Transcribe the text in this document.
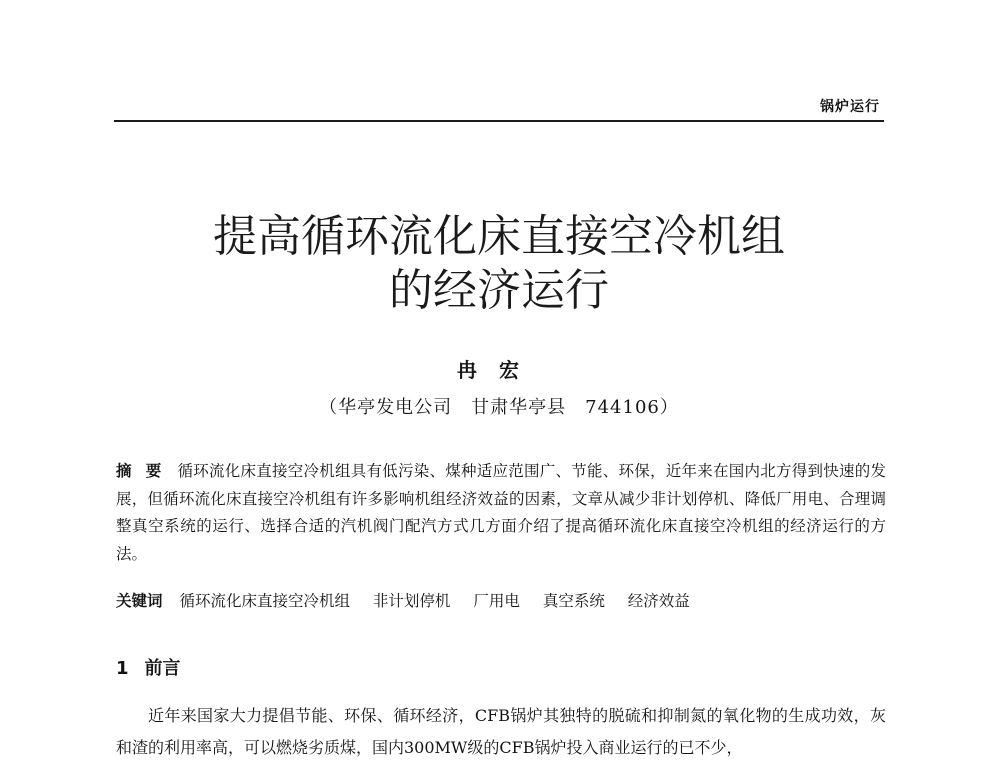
锅炉运行
提高循环流化床直接空冷机组
的经济运行
冉宏
（华亭发电公司　甘肃华亭县　744106）
摘要 循环流化床直接空冷机组具有低污染、煤种适应范围广、节能、环保，近年来在国内北方得到快速的发展，但循环流化床直接空冷机组有许多影响机组经济效益的因素，文章从减少非计划停机、降低厂用电、合理调整真空系统的运行、选择合适的汽机阀门配汽方式几方面介绍了提高循环流化床直接空冷机组的经济运行的方法。
关键词 循环流化床直接空冷机组 非计划停机 厂用电 真空系统 经济效益
1 前言

近年来国家大力提倡节能、环保、循环经济，CFB锅炉其独特的脱硫和抑制氮的氧化物的生成功效，灰和渣的利用率高，可以燃烧劣质煤，国内300MW级的CFB锅炉投入商业运行的已不少，
